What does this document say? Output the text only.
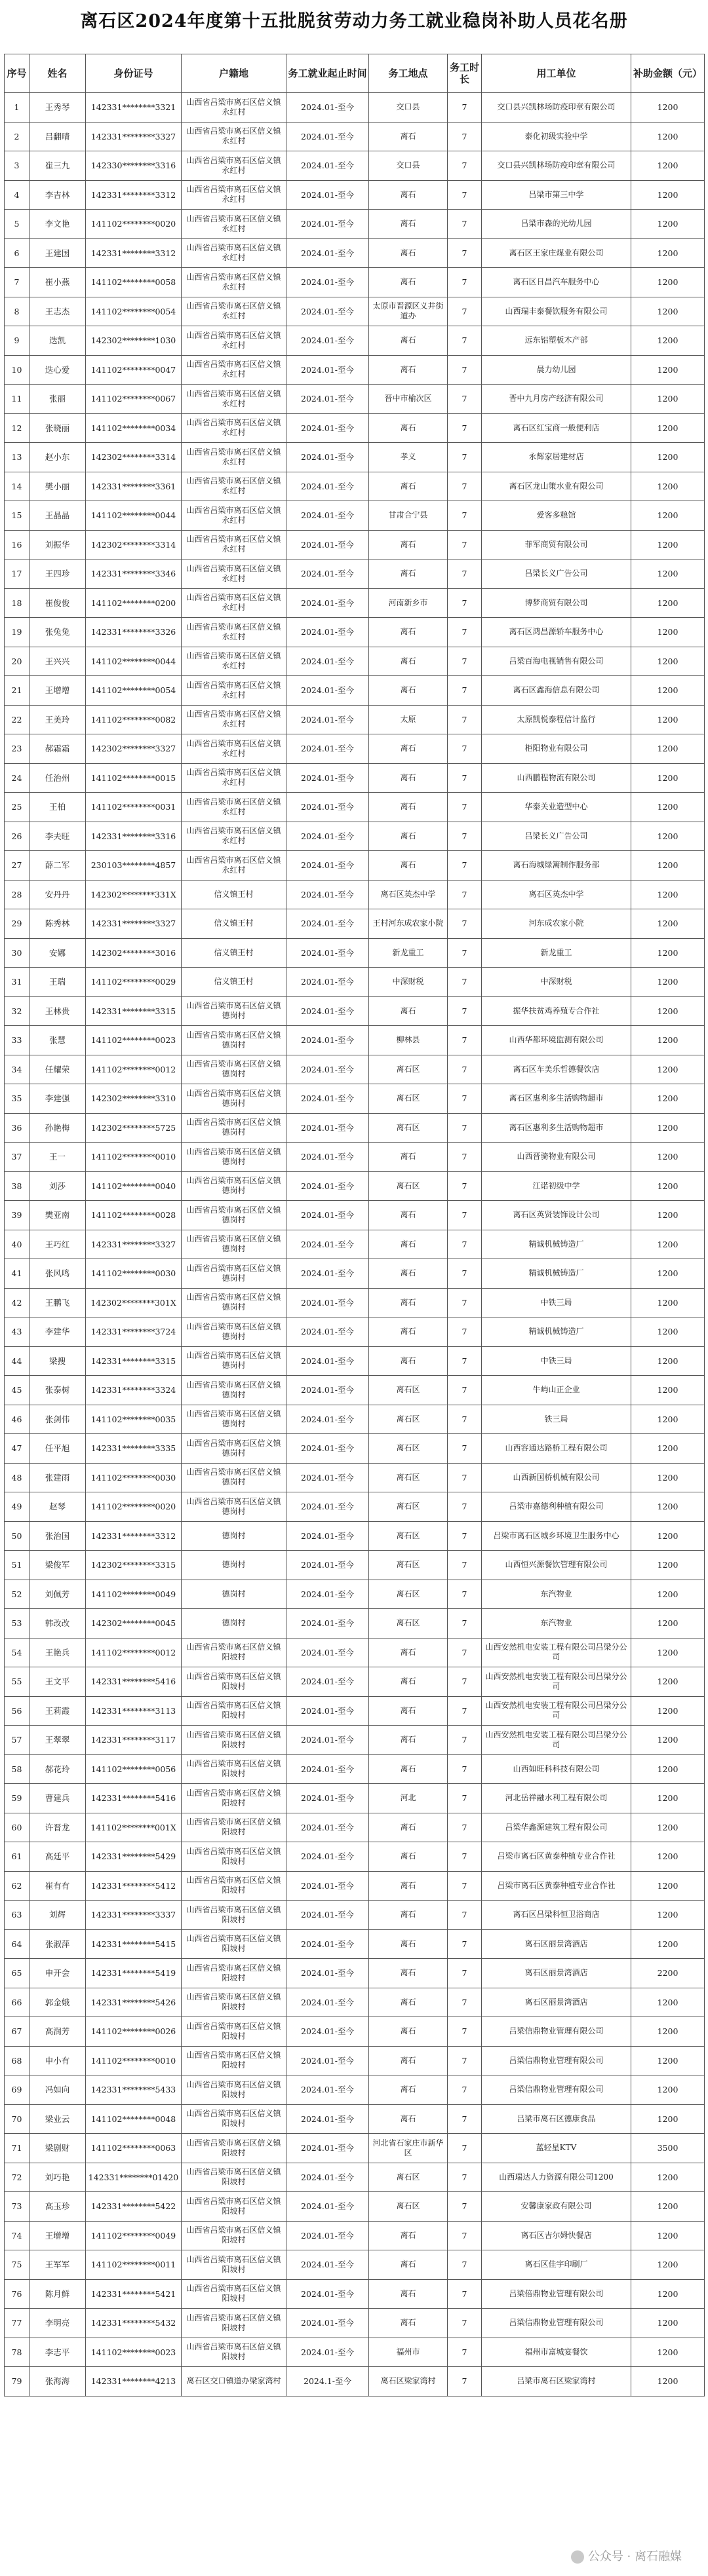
离石区2024年度第十五批脱贫劳动力务工就业稳岗补助人员花名册
序号	姓名	身份证号	户籍地	务工就业起止时间	务工地点	务工时长	用工单位	补助金额（元）
1	王秀琴	142331********3321	山西省吕梁市离石区信义镇永红村	2024.01-至今	交口县	7	交口县兴凯林场防疫印章有限公司	1200
2	吕翻晴	142331********3327	山西省吕梁市离石区信义镇永红村	2024.01-至今	离石	7	泰化初级实验中学	1200
3	崔三九	142330********3316	山西省吕梁市离石区信义镇永红村	2024.01-至今	交口县	7	交口县兴凯林场防疫印章有限公司	1200
4	李吉林	142331********3312	山西省吕梁市离石区信义镇永红村	2024.01-至今	离石	7	吕梁市第三中学	1200
5	李文艳	141102********0020	山西省吕梁市离石区信义镇永红村	2024.01-至今	离石	7	吕梁市森的光幼儿园	1200
6	王建国	142331********3312	山西省吕梁市离石区信义镇永红村	2024.01-至今	离石	7	离石区王家庄煤业有限公司	1200
7	崔小燕	141102********0058	山西省吕梁市离石区信义镇永红村	2024.01-至今	离石	7	离石区日昌汽车服务中心	1200
8	王志杰	141102********0054	山西省吕梁市离石区信义镇永红村	2024.01-至今	太原市晋源区义井街道办	7	山西瑞丰泰餐饮服务有限公司	1200
9	迭凯	142302********1030	山西省吕梁市离石区信义镇永红村	2024.01-至今	离石	7	远东铝塑板木产部	1200
10	迭心爱	141102********0047	山西省吕梁市离石区信义镇永红村	2024.01-至今	离石	7	晨力幼儿园	1200
11	张丽	141102********0067	山西省吕梁市离石区信义镇永红村	2024.01-至今	晋中市榆次区	7	晋中九月房产经济有限公司	1200
12	张晓丽	141102********0034	山西省吕梁市离石区信义镇永红村	2024.01-至今	离石	7	离石区红宝商一般便利店	1200
13	赵小东	142302********3314	山西省吕梁市离石区信义镇永红村	2024.01-至今	孝义	7	永辉家居建材店	1200
14	樊小丽	142331********3361	山西省吕梁市离石区信义镇永红村	2024.01-至今	离石	7	离石区龙山策水业有限公司	1200
15	王晶晶	141102********0044	山西省吕梁市离石区信义镇永红村	2024.01-至今	甘肃合宁县	7	爱客多粮馆	1200
16	刘振华	142302********3314	山西省吕梁市离石区信义镇永红村	2024.01-至今	离石	7	菲军商贸有限公司	1200
17	王四珍	142331********3346	山西省吕梁市离石区信义镇永红村	2024.01-至今	离石	7	吕梁长义广告公司	1200
18	崔俊俊	141102********0200	山西省吕梁市离石区信义镇永红村	2024.01-至今	河南新乡市	7	博梦商贸有限公司	1200
19	张兔兔	142331********3326	山西省吕梁市离石区信义镇永红村	2024.01-至今	离石	7	离石区鸿昌源轿车服务中心	1200
20	王兴兴	141102********0044	山西省吕梁市离石区信义镇永红村	2024.01-至今	离石	7	吕梁百海电视销售有限公司	1200
21	王增增	141102********0054	山西省吕梁市离石区信义镇永红村	2024.01-至今	离石	7	离石区鑫海信息有限公司	1200
22	王美玲	141102********0082	山西省吕梁市离石区信义镇永红村	2024.01-至今	太原	7	太原凯悦泰程信计监行	1200
23	郝霜霜	142302********3327	山西省吕梁市离石区信义镇永红村	2024.01-至今	离石	7	柜阳物业有限公司	1200
24	任治州	141102********0015	山西省吕梁市离石区信义镇永红村	2024.01-至今	离石	7	山西鹏程物流有限公司	1200
25	王柏	141102********0031	山西省吕梁市离石区信义镇永红村	2024.01-至今	离石	7	华泰关业造型中心	1200
26	李夫旺	142331********3316	山西省吕梁市离石区信义镇永红村	2024.01-至今	离石	7	吕梁长义广告公司	1200
27	薛二军	230103********4857	山西省吕梁市离石区信义镇永红村	2024.01-至今	离石	7	离石海城绿篱制作服务部	1200
28	安丹丹	142302********331X	信义镇王村	2024.01-至今	离石区英杰中学	7	离石区英杰中学	1200
29	陈秀林	142331********3327	信义镇王村	2024.01-至今	王村河东成农家小院	7	河东成农家小院	1200
30	安娜	142302********3016	信义镇王村	2024.01-至今	新龙重工	7	新龙重工	1200
31	王瑞	141102********0029	信义镇王村	2024.01-至今	中深财税	7	中深财税	1200
32	王林贵	142331********3315	山西省吕梁市离石区信义镇德岗村	2024.01-至今	离石	7	振华扶贫鸡养殖专合作社	1200
33	张慧	141102********0023	山西省吕梁市离石区信义镇德岗村	2024.01-至今	柳林县	7	山西华都环境监测有限公司	1200
34	任耀荣	141102********0012	山西省吕梁市离石区信义镇德岗村	2024.01-至今	离石区	7	离石区车美乐哲德餐饮店	1200
35	李建强	142302********3310	山西省吕梁市离石区信义镇德岗村	2024.01-至今	离石区	7	离石区惠利多生活购物超市	1200
36	孙艳梅	142302********5725	山西省吕梁市离石区信义镇德岗村	2024.01-至今	离石区	7	离石区惠利多生活购物超市	1200
37	王一	141102********0010	山西省吕梁市离石区信义镇德岗村	2024.01-至今	离石	7	山西晋骑物业有限公司	1200
38	刘莎	141102********0040	山西省吕梁市离石区信义镇德岗村	2024.01-至今	离石区	7	江诺初级中学	1200
39	樊亚南	141102********0028	山西省吕梁市离石区信义镇德岗村	2024.01-至今	离石	7	离石区英贤装饰设计公司	1200
40	王巧红	142331********3327	山西省吕梁市离石区信义镇德岗村	2024.01-至今	离石	7	精诚机械铸造厂	1200
41	张风鸣	141102********0030	山西省吕梁市离石区信义镇德岗村	2024.01-至今	离石	7	精诚机械铸造厂	1200
42	王鹏飞	142302********301X	山西省吕梁市离石区信义镇德岗村	2024.01-至今	离石	7	中铁三局	1200
43	李建华	142331********3724	山西省吕梁市离石区信义镇德岗村	2024.01-至今	离石	7	精诚机械铸造厂	1200
44	梁搜	142331********3315	山西省吕梁市离石区信义镇德岗村	2024.01-至今	离石	7	中铁三局	1200
45	张泰树	142331********3324	山西省吕梁市离石区信义镇德岗村	2024.01-至今	离石区	7	牛屿山正企业	1200
46	张剑伟	141102********0035	山西省吕梁市离石区信义镇德岗村	2024.01-至今	离石区	7	铁三局	1200
47	任平旭	142331********3335	山西省吕梁市离石区信义镇德岗村	2024.01-至今	离石区	7	山西容通达路桥工程有限公司	1200
48	张建雨	141102********0030	山西省吕梁市离石区信义镇德岗村	2024.01-至今	离石区	7	山西新国桥机械有限公司	1200
49	赵琴	141102********0020	山西省吕梁市离石区信义镇德岗村	2024.01-至今	离石区	7	吕梁市嘉德利种植有限公司	1200
50	张治国	142331********3312	德岗村	2024.01-至今	离石区	7	吕梁市离石区城乡环境卫生服务中心	1200
51	梁俊军	142302********3315	德岗村	2024.01-至今	离石区	7	山西恒兴源餐饮管理有限公司	1200
52	刘佩芳	141102********0049	德岗村	2024.01-至今	离石区	7	东汽物业	1200
53	韩改改	142302********0045	德岗村	2024.01-至今	离石区	7	东汽物业	1200
54	王艳兵	141102********0012	山西省吕梁市离石区信义镇阳坡村	2024.01-至今	离石	7	山西安然机电安装工程有限公司吕梁分公司	1200
55	王文平	142331********5416	山西省吕梁市离石区信义镇阳坡村	2024.01-至今	离石	7	山西安然机电安装工程有限公司吕梁分公司	1200
56	王莉霞	142331********3113	山西省吕梁市离石区信义镇阳坡村	2024.01-至今	离石	7	山西安然机电安装工程有限公司吕梁分公司	1200
57	王翠翠	142331********3117	山西省吕梁市离石区信义镇阳坡村	2024.01-至今	离石	7	山西安然机电安装工程有限公司吕梁分公司	1200
58	郝花玲	141102********0056	山西省吕梁市离石区信义镇阳坡村	2024.01-至今	离石	7	山西如旺科科技有限公司	1200
59	曹建兵	142331********5416	山西省吕梁市离石区信义镇阳坡村	2024.01-至今	河北	7	河北岳祥融水利工程有限公司	1200
60	许晋龙	141102********001X	山西省吕梁市离石区信义镇阳坡村	2024.01-至今	离石	7	吕梁华鑫源建筑工程有限公司	1200
61	高廷平	142331********5429	山西省吕梁市离石区信义镇阳坡村	2024.01-至今	离石	7	吕梁市离石区黄泰种植专业合作社	1200
62	崔有有	142331********5412	山西省吕梁市离石区信义镇阳坡村	2024.01-至今	离石	7	吕梁市离石区黄泰种植专业合作社	1200
63	刘辉	142331********3337	山西省吕梁市离石区信义镇阳坡村	2024.01-至今	离石	7	离石区吕梁科恒卫浴商店	1200
64	张淑萍	142331********5415	山西省吕梁市离石区信义镇阳坡村	2024.01-至今	离石	7	离石区丽景湾酒店	1200
65	申开会	142331********5419	山西省吕梁市离石区信义镇阳坡村	2024.01-至今	离石	7	离石区丽景湾酒店	2200
66	郭金娥	142331********5426	山西省吕梁市离石区信义镇阳坡村	2024.01-至今	离石	7	离石区丽景湾酒店	1200
67	高润芳	141102********0026	山西省吕梁市离石区信义镇阳坡村	2024.01-至今	离石	7	吕梁信鼎物业管理有限公司	1200
68	申小有	141102********0010	山西省吕梁市离石区信义镇阳坡村	2024.01-至今	离石	7	吕梁信鼎物业管理有限公司	1200
69	冯如向	142331********5433	山西省吕梁市离石区信义镇阳坡村	2024.01-至今	离石	7	吕梁信鼎物业管理有限公司	1200
70	梁业云	141102********0048	山西省吕梁市离石区信义镇阳坡村	2024.01-至今	离石	7	吕梁市离石区德康食品	1200
71	梁剧财	141102********0063	山西省吕梁市离石区信义镇阳坡村	2024.01-至今	河北省石家庄市新华区	7	蓝轻星KTV	3500
72	刘巧艳	142331********01420	山西省吕梁市离石区信义镇阳坡村	2024.01-至今	离石区	7	山西瑞达人力资源有限公司1200	1200
73	高玉珍	142331********5422	山西省吕梁市离石区信义镇阳坡村	2024.01-至今	离石区	7	安馨康家政有限公司	1200
74	王增增	141102********0049	山西省吕梁市离石区信义镇阳坡村	2024.01-至今	离石	7	离石区吉尔姆快餐店	1200
75	王军军	141102********0011	山西省吕梁市离石区信义镇阳坡村	2024.01-至今	离石	7	离石区佳宇印刷厂	1200
76	陈月鲜	142331********5421	山西省吕梁市离石区信义镇阳坡村	2024.01-至今	离石	7	吕梁倍鼎物业管理有限公司	1200
77	李明亮	142331********5432	山西省吕梁市离石区信义镇阳坡村	2024.01-至今	离石	7	吕梁信鼎物业管理有限公司	1200
78	李志平	141102********0023	山西省吕梁市离石区信义镇阳坡村	2024.01-至今	福州市	7	福州市富城宴餐饮	1200
79	张海海	142331********4213	离石区交口镇道办梁家湾村	2024.1-至今	离石区梁家湾村	7	吕梁市离石区梁家湾村	1200
公众号 · 离石融媒
